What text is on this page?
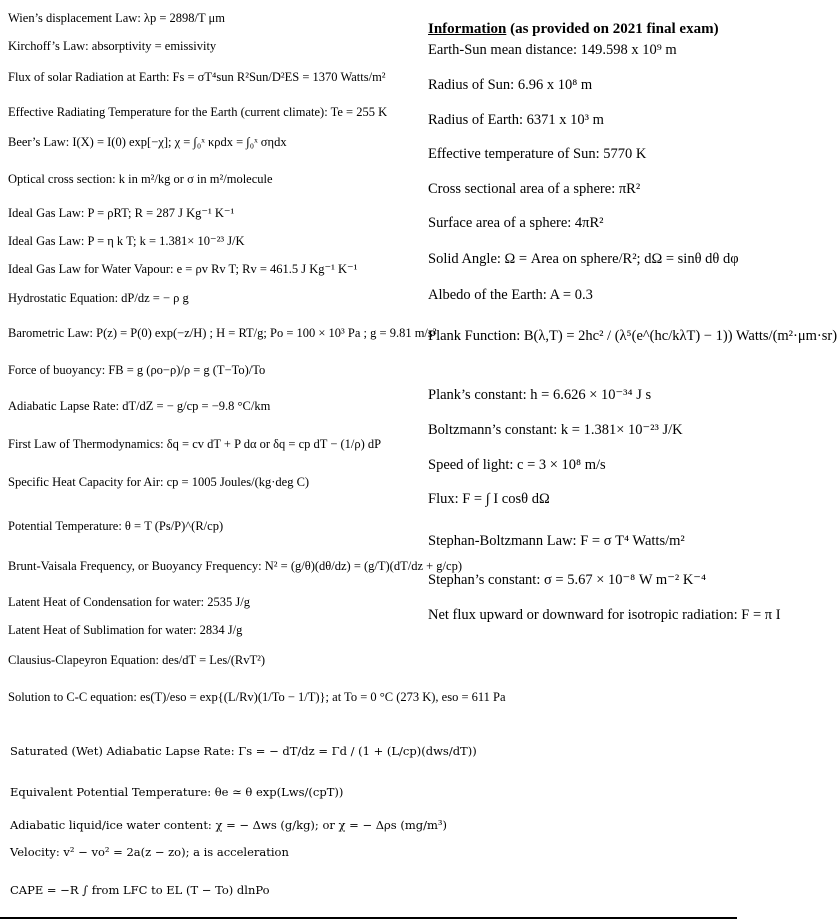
Wien’s displacement Law: λp = 2898/T μm
Kirchoff’s Law: absorptivity = emissivity
Flux of solar Radiation at Earth: Fs = σT⁴sun R²Sun/D²ES = 1370 Watts/m²
Effective Radiating Temperature for the Earth (current climate): Te = 255 K
Beer’s Law: I(X) = I(0) exp[−χ]; χ = ∫₀ˣ κρdx = ∫₀ˣ σηdx
Optical cross section: k in m²/kg or σ in m²/molecule
Ideal Gas Law: P = ρRT; R = 287 J Kg⁻¹ K⁻¹
Ideal Gas Law: P = η k T; k = 1.381× 10⁻²³ J/K
Ideal Gas Law for Water Vapour: e = ρv Rv T; Rv = 461.5 J Kg⁻¹ K⁻¹
Hydrostatic Equation: dP/dz = − ρ g
Barometric Law: P(z) = P(0) exp(−z/H) ; H = RT/g; Po = 100 × 10³ Pa ; g = 9.81 m/s²
Force of buoyancy: FB = g (ρo−ρ)/ρ = g (T−To)/To
Adiabatic Lapse Rate: dT/dZ = − g/cp = −9.8 °C/km
First Law of Thermodynamics: δq = cv dT + P dα or δq = cp dT − (1/ρ) dP
Specific Heat Capacity for Air: cp = 1005 Joules/(kg·deg C)
Potential Temperature: θ = T (Ps/P)^(R/cp)
Brunt-Vaisala Frequency, or Buoyancy Frequency: N² = (g/θ)(dθ/dz) = (g/T)(dT/dz + g/cp)
Latent Heat of Condensation for water: 2535 J/g
Latent Heat of Sublimation for water: 2834 J/g
Clausius-Clapeyron Equation: des/dT = Les/(RvT²)
Solution to C-C equation: es(T)/eso = exp{(L/Rv)(1/To − 1/T)}; at To = 0 °C (273 K), eso = 611 Pa
Information (as provided on 2021 final exam)
Earth-Sun mean distance: 149.598 x 10⁹ m
Radius of Sun: 6.96 x 10⁸ m
Radius of Earth: 6371 x 10³ m
Effective temperature of Sun: 5770 K
Cross sectional area of a sphere: πR²
Surface area of a sphere: 4πR²
Solid Angle: Ω = Area on sphere/R²; dΩ = sinθ dθ dφ
Albedo of the Earth: A = 0.3
Plank Function: B(λ,T) = 2hc² / (λ⁵(e^(hc/kλT) − 1)) Watts/(m²·μm·sr)
Plank’s constant: h = 6.626 × 10⁻³⁴ J s
Boltzmann’s constant: k = 1.381× 10⁻²³ J/K
Speed of light: c = 3 × 10⁸ m/s
Flux: F = ∫ I cosθ dΩ
Stephan-Boltzmann Law: F = σ T⁴ Watts/m²
Stephan’s constant: σ = 5.67 × 10⁻⁸ W m⁻² K⁻⁴
Net flux upward or downward for isotropic radiation: F = π I
Saturated (Wet) Adiabatic Lapse Rate: Γs = − dT/dz = Γd / (1 + (L/cp)(dws/dT))
Equivalent Potential Temperature: θe ≃ θ exp(Lws/(cpT))
Adiabatic liquid/ice water content: χ = − Δws (g/kg); or χ = − Δρs (mg/m³)
Velocity: v² − vo² = 2a(z − zo); a is acceleration
CAPE = −R ∫ from LFC to EL (T − To) dlnPo
